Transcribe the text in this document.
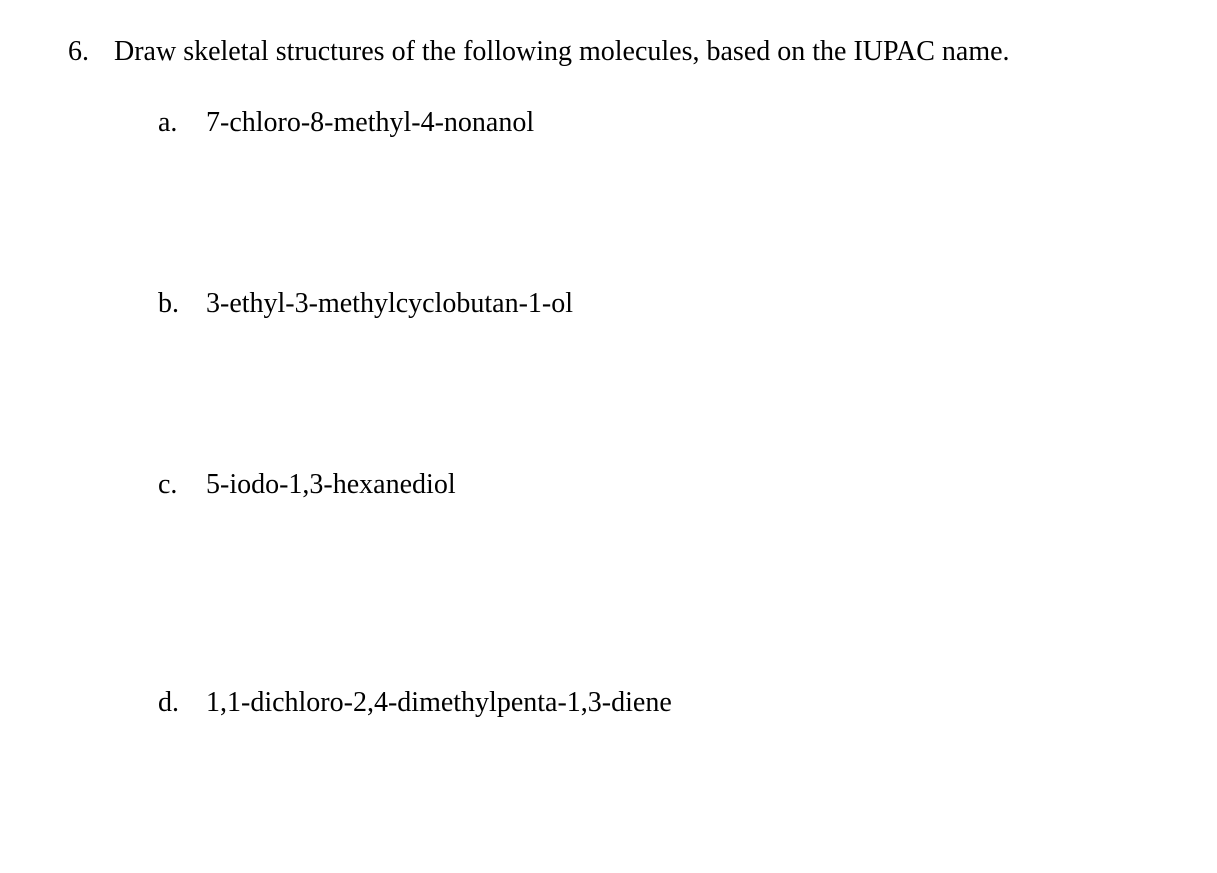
6. Draw skeletal structures of the following molecules, based on the IUPAC name.
a. 7-chloro-8-methyl-4-nonanol
b. 3-ethyl-3-methylcyclobutan-1-ol
c. 5-iodo-1,3-hexanediol
d. 1,1-dichloro-2,4-dimethylpenta-1,3-diene
